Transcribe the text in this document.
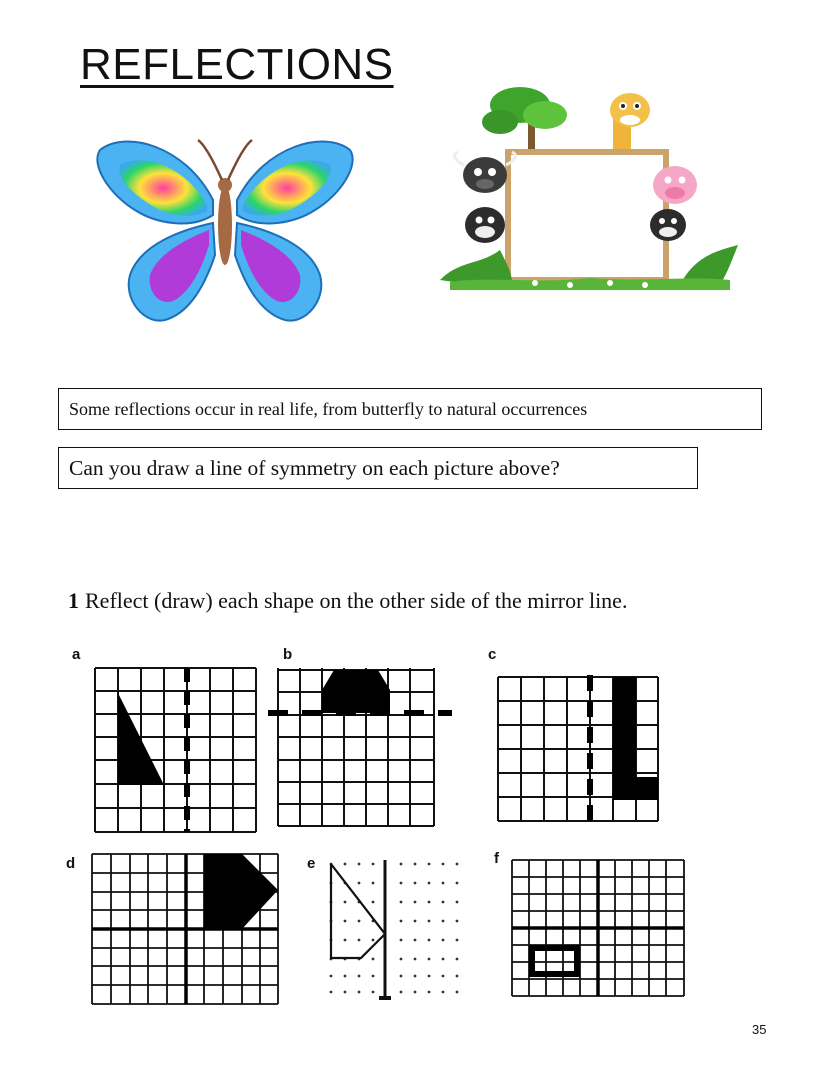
REFLECTIONS
Some reflections occur in real life, from butterfly to natural occurrences
Can you draw a line of symmetry on each picture above?
1 Reflect (draw) each shape on the other side of the mirror line.
a	b	c
d	e	f
35
